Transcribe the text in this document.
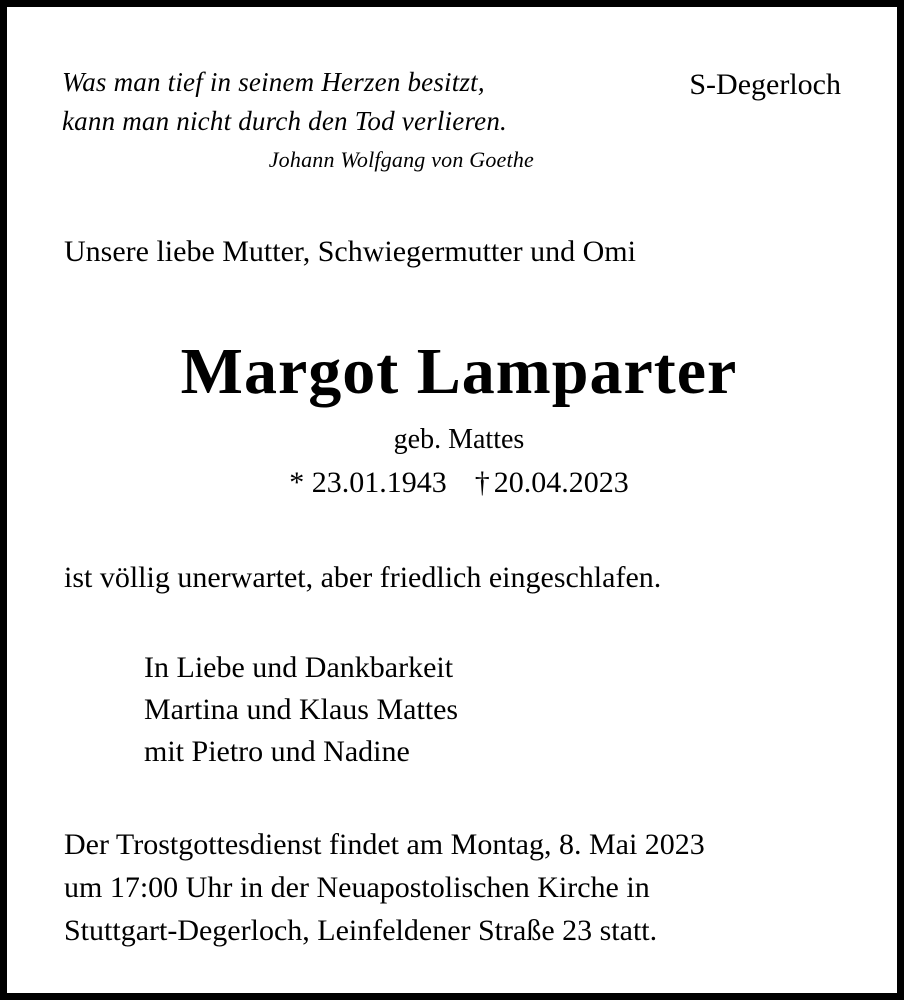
Was man tief in seinem Herzen besitzt,
kann man nicht durch den Tod verlieren.
Johann Wolfgang von Goethe
S-Degerloch
Unsere liebe Mutter, Schwiegermutter und Omi
Margot Lamparter
geb. Mattes
* 23.01.1943 † 20.04.2023
ist völlig unerwartet, aber friedlich eingeschlafen.
In Liebe und Dankbarkeit
Martina und Klaus Mattes
mit Pietro und Nadine
Der Trostgottesdienst findet am Montag, 8. Mai 2023
um 17:00 Uhr in der Neuapostolischen Kirche in
Stuttgart-Degerloch, Leinfeldener Straße 23 statt.
